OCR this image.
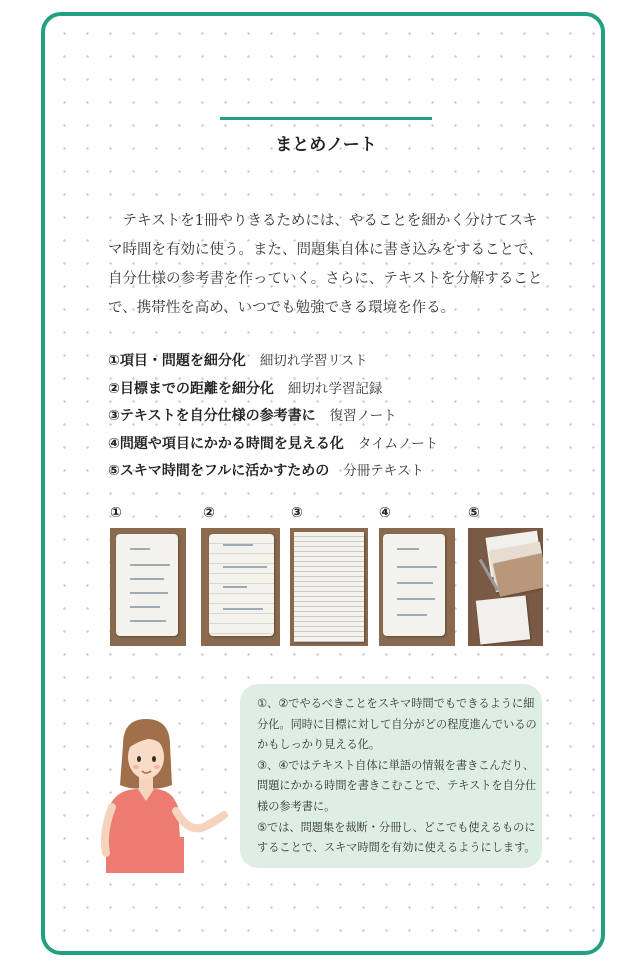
まとめノート

テキストを1冊やりきるためには、やることを細かく分けてスキマ時間を有効に使う。また、問題集自体に書き込みをすることで、自分仕様の参考書を作っていく。さらに、テキストを分解することで、携帯性を高め、いつでも勉強できる環境を作る。

①項目・問題を細分化 細切れ学習リスト
②目標までの距離を細分化 細切れ学習記録
③テキストを自分仕様の参考書に 復習ノート
④問題や項目にかかる時間を見える化 タイムノート
⑤スキマ時間をフルに活かすための 分冊テキスト
①	②	③	④	⑤

①、②でやるべきことをスキマ時間でもできるように細分化。同時に目標に対して自分がどの程度進んでいるのかもしっかり見える化。

③、④ではテキスト自体に単語の情報を書きこんだり、問題にかかる時間を書きこむことで、テキストを自分仕様の参考書に。

⑤では、問題集を裁断・分冊し、どこでも使えるものにすることで、スキマ時間を有効に使えるようにします。
